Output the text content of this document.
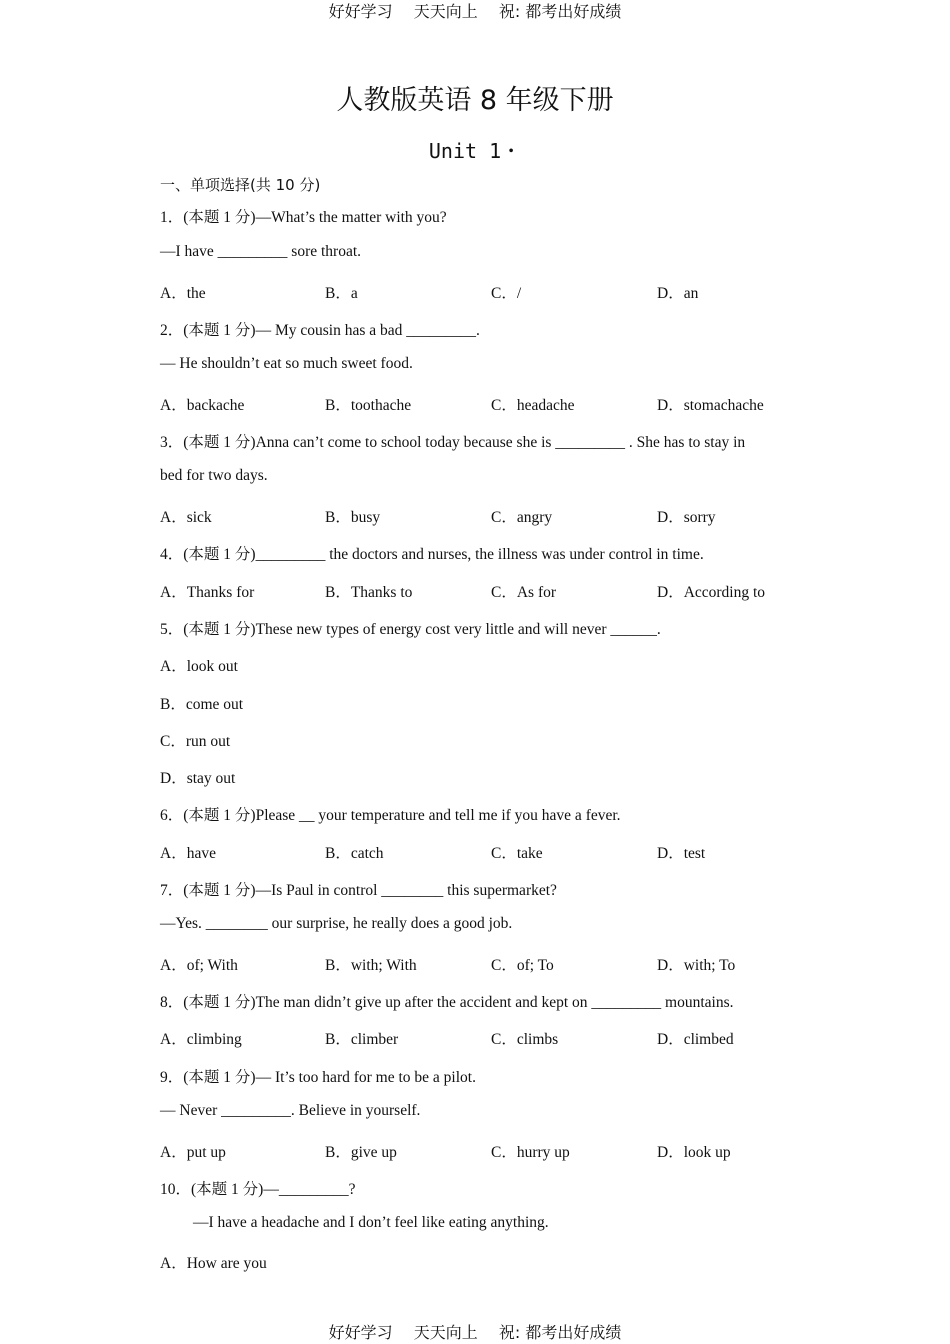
好好学习 天天向上 祝: 都考出好成绩
人教版英语 8 年级下册
Unit 1・
一、单项选择(共 10 分)
1．(本题 1 分)—What’s the matter with you?
—I have _________ sore throat.
A．the	B．a	C．/	D．an
2．(本题 1 分)— My cousin has a bad _________.
— He shouldn’t eat so much sweet food.
A．backache	B．toothache	C．headache	D．stomachache
3．(本题 1 分)Anna can’t come to school today because she is _________ . She has to stay in
bed for two days.
A．sick	B．busy	C．angry	D．sorry
4．(本题 1 分)_________ the doctors and nurses, the illness was under control in time.
A．Thanks for	B．Thanks to	C．As for	D．According to
5．(本题 1 分)These new types of energy cost very little and will never ______.
A．look out
B．come out
C．run out
D．stay out
6．(本题 1 分)Please __ your temperature and tell me if you have a fever.
A．have	B．catch	C．take	D．test
7．(本题 1 分)—Is Paul in control ________ this supermarket?
—Yes. ________ our surprise, he really does a good job.
A．of; With	B．with; With	C．of; To	D．with; To
8．(本题 1 分)The man didn’t give up after the accident and kept on _________ mountains.
A．climbing	B．climber	C．climbs	D．climbed
9．(本题 1 分)— It’s too hard for me to be a pilot.
— Never _________. Believe in yourself.
A．put up	B．give up	C．hurry up	D．look up
10．(本题 1 分)—_________?
—I have a headache and I don’t feel like eating anything.
A．How are you
好好学习 天天向上 祝: 都考出好成绩
